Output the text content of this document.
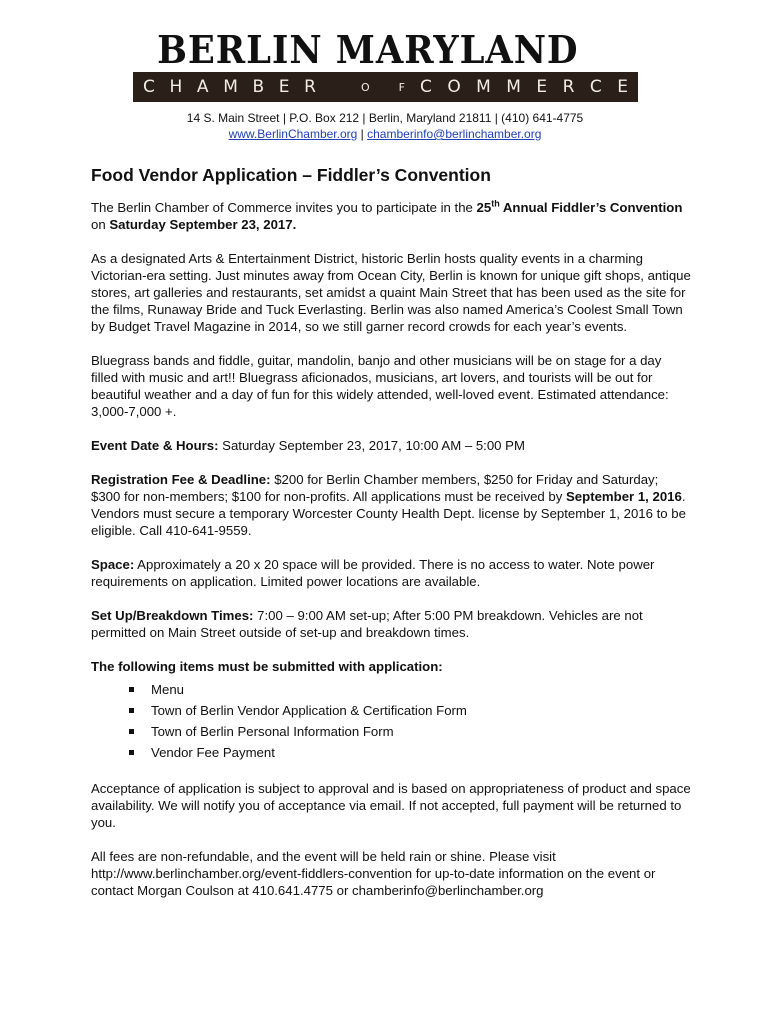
BERLIN MARYLAND
C H A M B E R	O	F C O M M E R C E
14 S. Main Street | P.O. Box 212 | Berlin, Maryland 21811 | (410) 641-4775
www.BerlinChamber.org | chamberinfo@berlinchamber.org
Food Vendor Application – Fiddler’s Convention

The Berlin Chamber of Commerce invites you to participate in the 25th Annual Fiddler’s Convention on Saturday September 23, 2017.

As a designated Arts & Entertainment District, historic Berlin hosts quality events in a charming Victorian-era setting. Just minutes away from Ocean City, Berlin is known for unique gift shops, antique stores, art galleries and restaurants, set amidst a quaint Main Street that has been used as the site for the films, Runaway Bride and Tuck Everlasting. Berlin was also named America’s Coolest Small Town by Budget Travel Magazine in 2014, so we still garner record crowds for each year’s events.

Bluegrass bands and fiddle, guitar, mandolin, banjo and other musicians will be on stage for a day filled with music and art!! Bluegrass aficionados, musicians, art lovers, and tourists will be out for beautiful weather and a day of fun for this widely attended, well-loved event. Estimated attendance: 3,000-7,000 +.

Event Date & Hours: Saturday September 23, 2017, 10:00 AM – 5:00 PM

Registration Fee & Deadline: $200 for Berlin Chamber members, $250 for Friday and Saturday; $300 for non-members; $100 for non-profits. All applications must be received by September 1, 2016. Vendors must secure a temporary Worcester County Health Dept. license by September 1, 2016 to be eligible. Call 410-641-9559.

Space: Approximately a 20 x 20 space will be provided. There is no access to water. Note power requirements on application. Limited power locations are available.

Set Up/Breakdown Times: 7:00 – 9:00 AM set-up; After 5:00 PM breakdown. Vehicles are not permitted on Main Street outside of set-up and breakdown times.

The following items must be submitted with application:
Menu
Town of Berlin Vendor Application & Certification Form
Town of Berlin Personal Information Form
Vendor Fee Payment

Acceptance of application is subject to approval and is based on appropriateness of product and space availability. We will notify you of acceptance via email. If not accepted, full payment will be returned to you.

All fees are non-refundable, and the event will be held rain or shine. Please visit http://www.berlinchamber.org/event-fiddlers-convention for up-to-date information on the event or contact Morgan Coulson at 410.641.4775 or chamberinfo@berlinchamber.org
